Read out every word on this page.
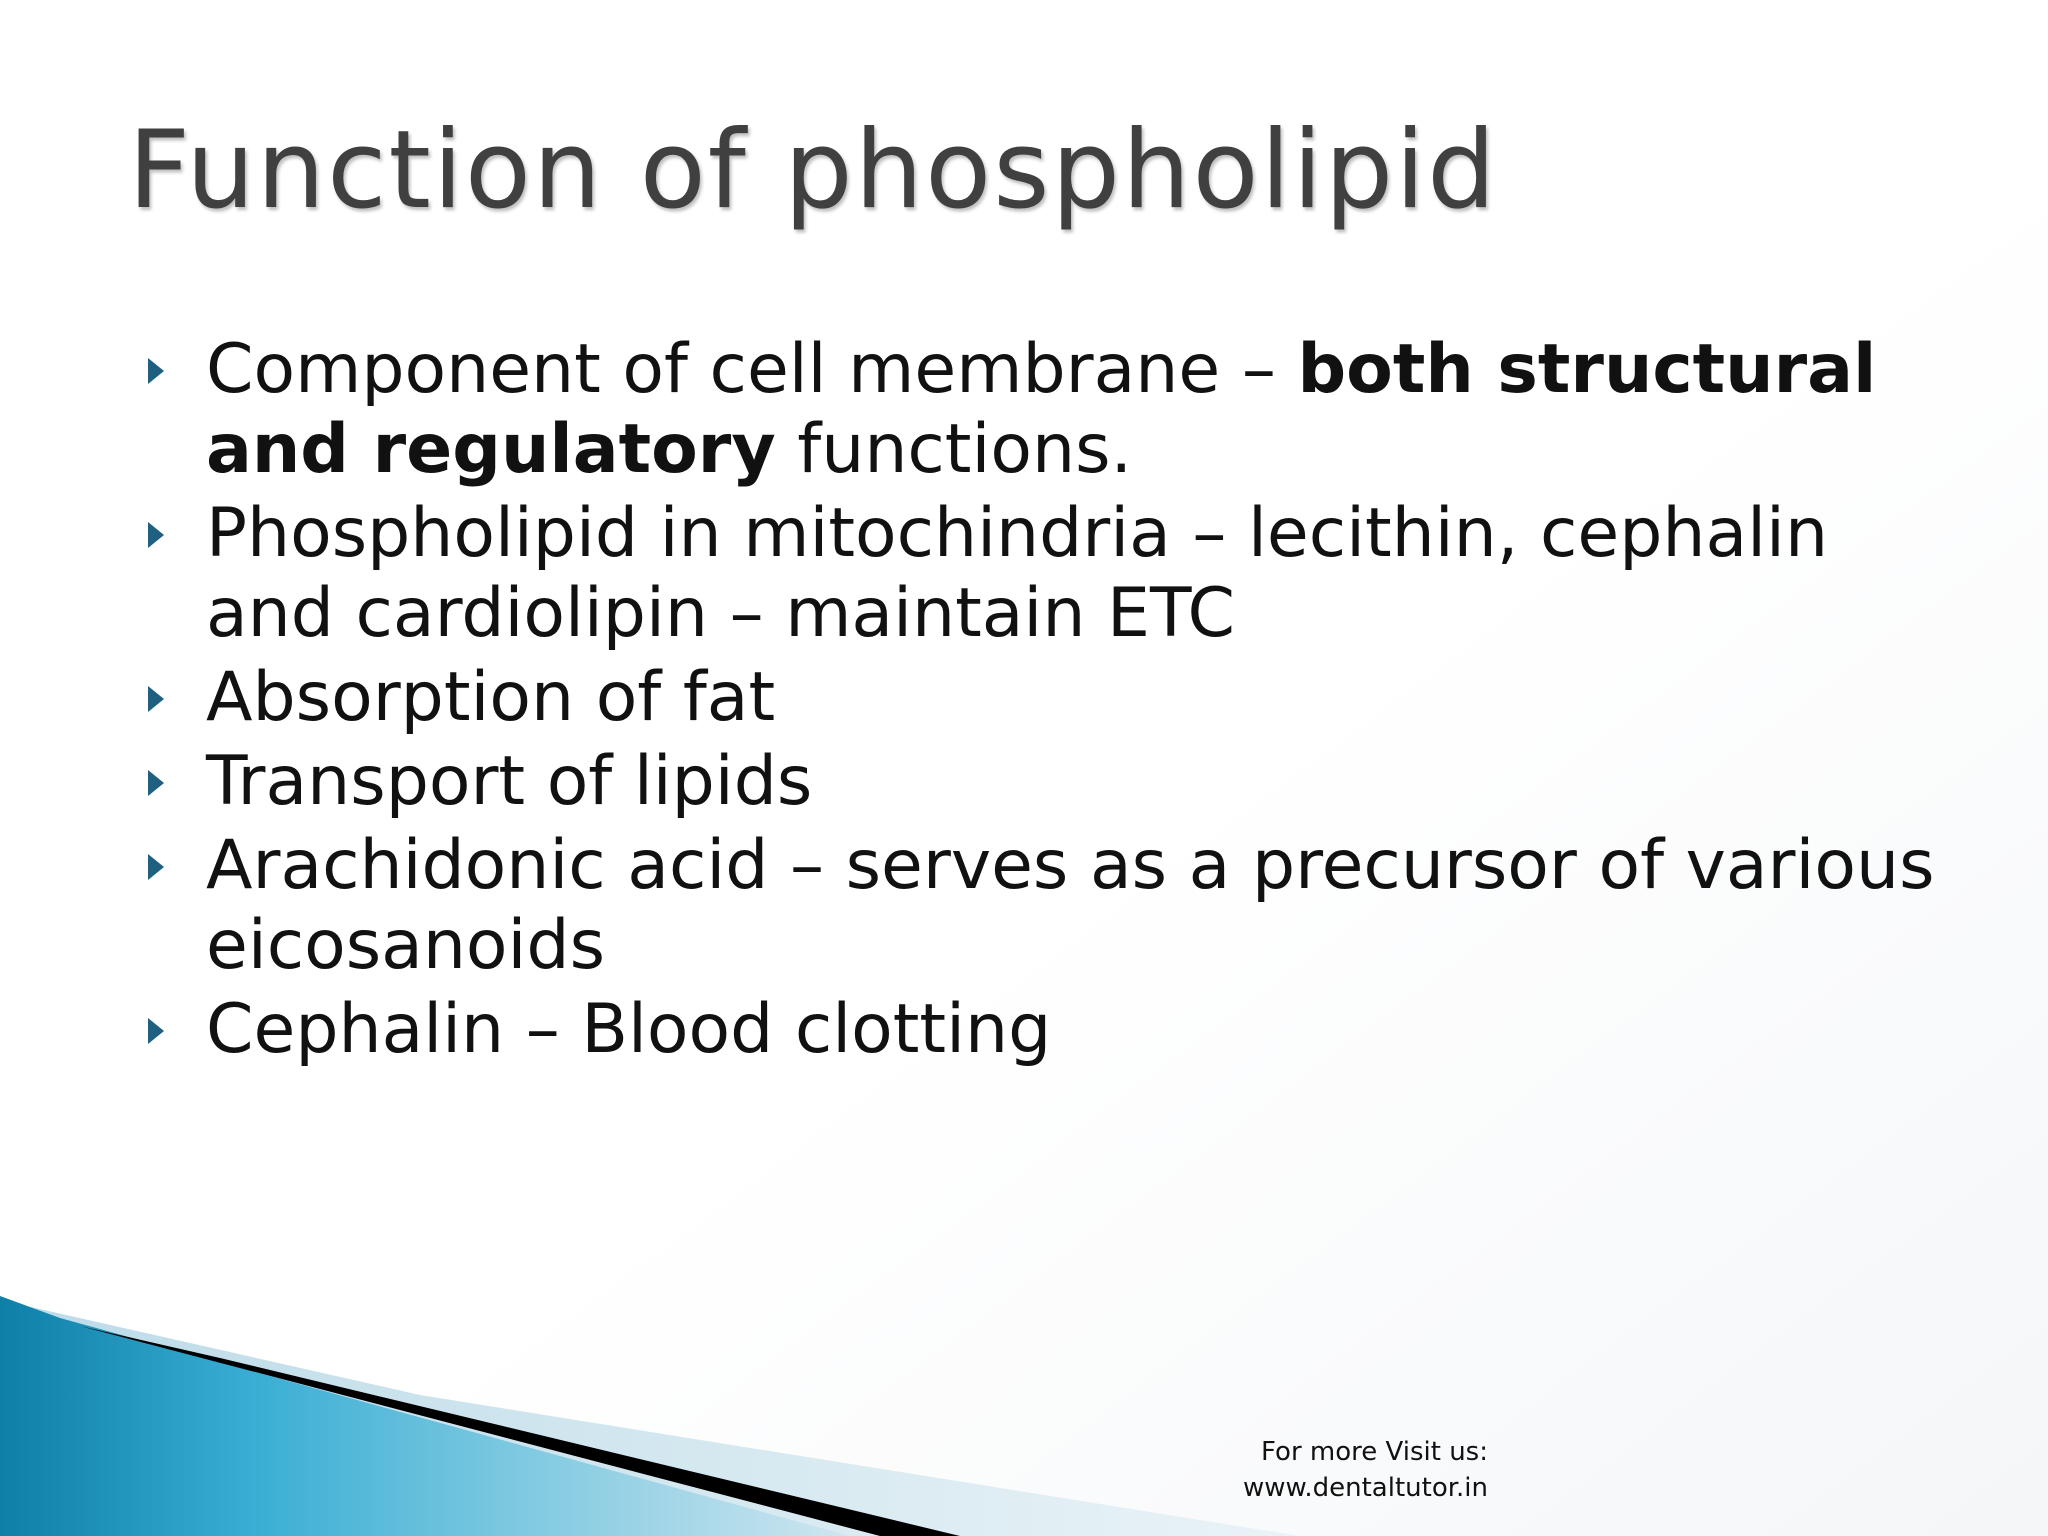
Function of phospholipid
Component of cell membrane – both structural and regulatory functions.
Phospholipid in mitochindria – lecithin, cephalin and cardiolipin – maintain ETC
Absorption of fat
Transport of lipids
Arachidonic acid – serves as a precursor of various eicosanoids
Cephalin – Blood clotting
For more Visit us:
www.dentaltutor.in
